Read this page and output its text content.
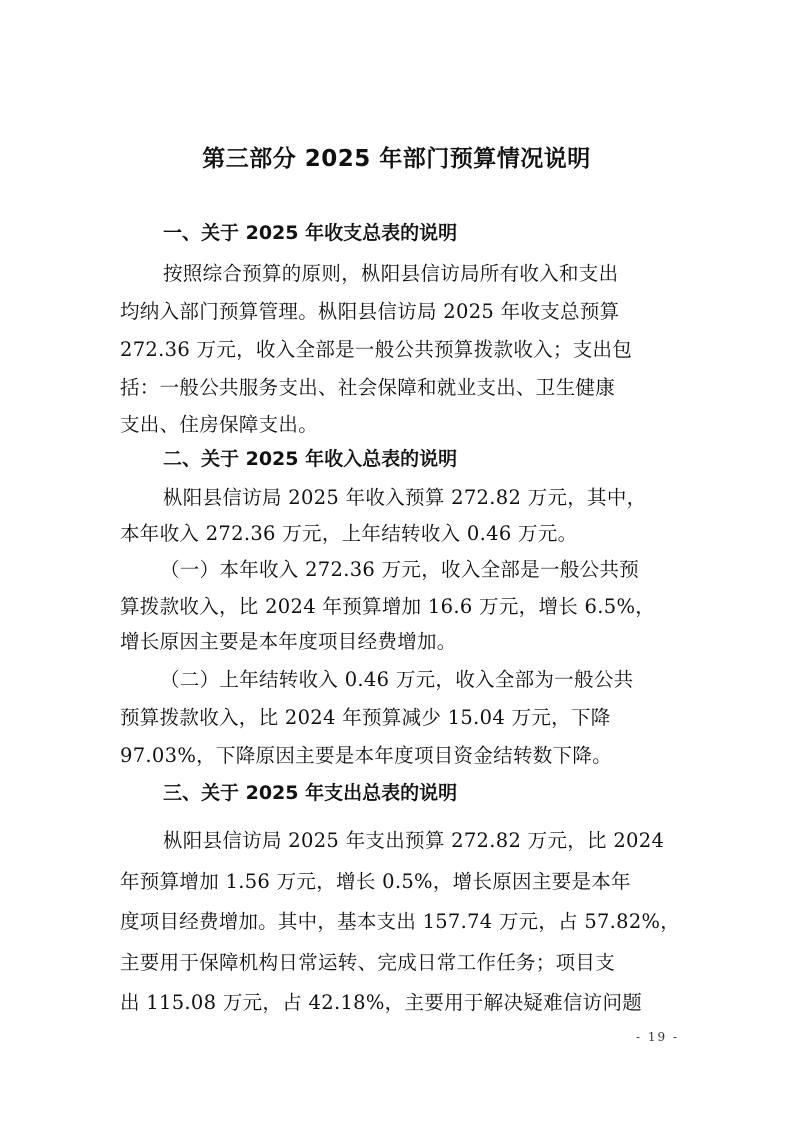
第三部分 2025 年部门预算情况说明
一、关于 2025 年收支总表的说明
按照综合预算的原则，枞阳县信访局所有收入和支出
均纳入部门预算管理。枞阳县信访局 2025 年收支总预算
272.36 万元，收入全部是一般公共预算拨款收入；支出包
括：一般公共服务支出、社会保障和就业支出、卫生健康
支出、住房保障支出。
二、关于 2025 年收入总表的说明
枞阳县信访局 2025 年收入预算 272.82 万元，其中，
本年收入 272.36 万元，上年结转收入 0.46 万元。
（一）本年收入 272.36 万元，收入全部是一般公共预
算拨款收入，比 2024 年预算增加 16.6 万元，增长 6.5%，
增长原因主要是本年度项目经费增加。
（二）上年结转收入 0.46 万元，收入全部为一般公共
预算拨款收入，比 2024 年预算减少 15.04 万元，下降
97.03%，下降原因主要是本年度项目资金结转数下降。
三、关于 2025 年支出总表的说明
枞阳县信访局 2025 年支出预算 272.82 万元，比 2024
年预算增加 1.56 万元，增长 0.5%，增长原因主要是本年
度项目经费增加。其中，基本支出 157.74 万元，占 57.82%，
主要用于保障机构日常运转、完成日常工作任务；项目支
出 115.08 万元，占 42.18%，主要用于解决疑难信访问题
- 19 -
